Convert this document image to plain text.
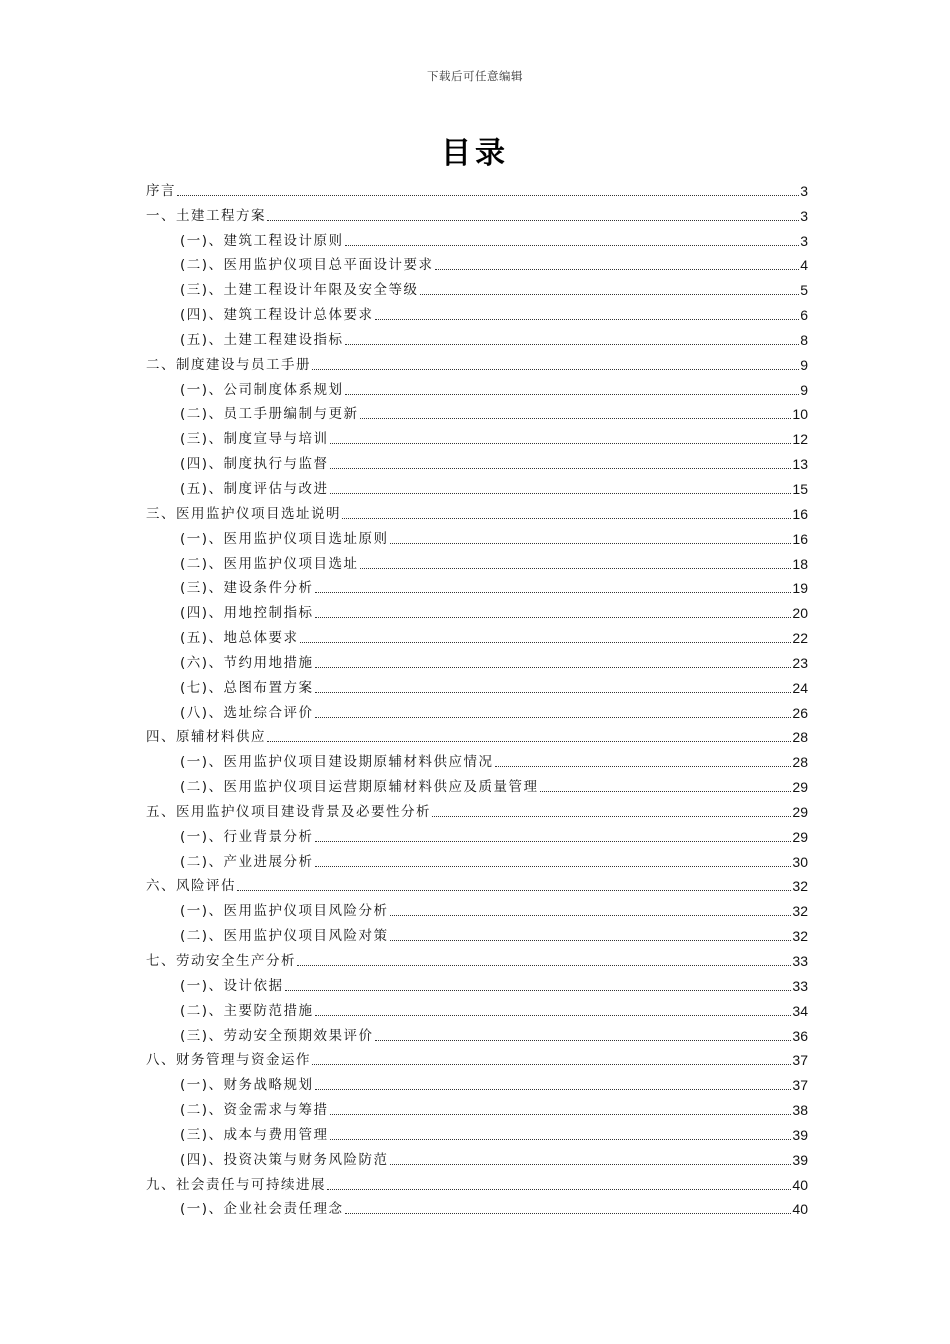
下载后可任意编辑
目录
序言	3
一、土建工程方案	3
(一)、建筑工程设计原则	3
(二)、医用监护仪项目总平面设计要求	4
(三)、土建工程设计年限及安全等级	5
(四)、建筑工程设计总体要求	6
(五)、土建工程建设指标	8
二、制度建设与员工手册	9
(一)、公司制度体系规划	9
(二)、员工手册编制与更新	10
(三)、制度宣导与培训	12
(四)、制度执行与监督	13
(五)、制度评估与改进	15
三、医用监护仪项目选址说明	16
(一)、医用监护仪项目选址原则	16
(二)、医用监护仪项目选址	18
(三)、建设条件分析	19
(四)、用地控制指标	20
(五)、地总体要求	22
(六)、节约用地措施	23
(七)、总图布置方案	24
(八)、选址综合评价	26
四、原辅材料供应	28
(一)、医用监护仪项目建设期原辅材料供应情况	28
(二)、医用监护仪项目运营期原辅材料供应及质量管理	29
五、医用监护仪项目建设背景及必要性分析	29
(一)、行业背景分析	29
(二)、产业进展分析	30
六、风险评估	32
(一)、医用监护仪项目风险分析	32
(二)、医用监护仪项目风险对策	32
七、劳动安全生产分析	33
(一)、设计依据	33
(二)、主要防范措施	34
(三)、劳动安全预期效果评价	36
八、财务管理与资金运作	37
(一)、财务战略规划	37
(二)、资金需求与筹措	38
(三)、成本与费用管理	39
(四)、投资决策与财务风险防范	39
九、社会责任与可持续进展	40
(一)、企业社会责任理念	40
